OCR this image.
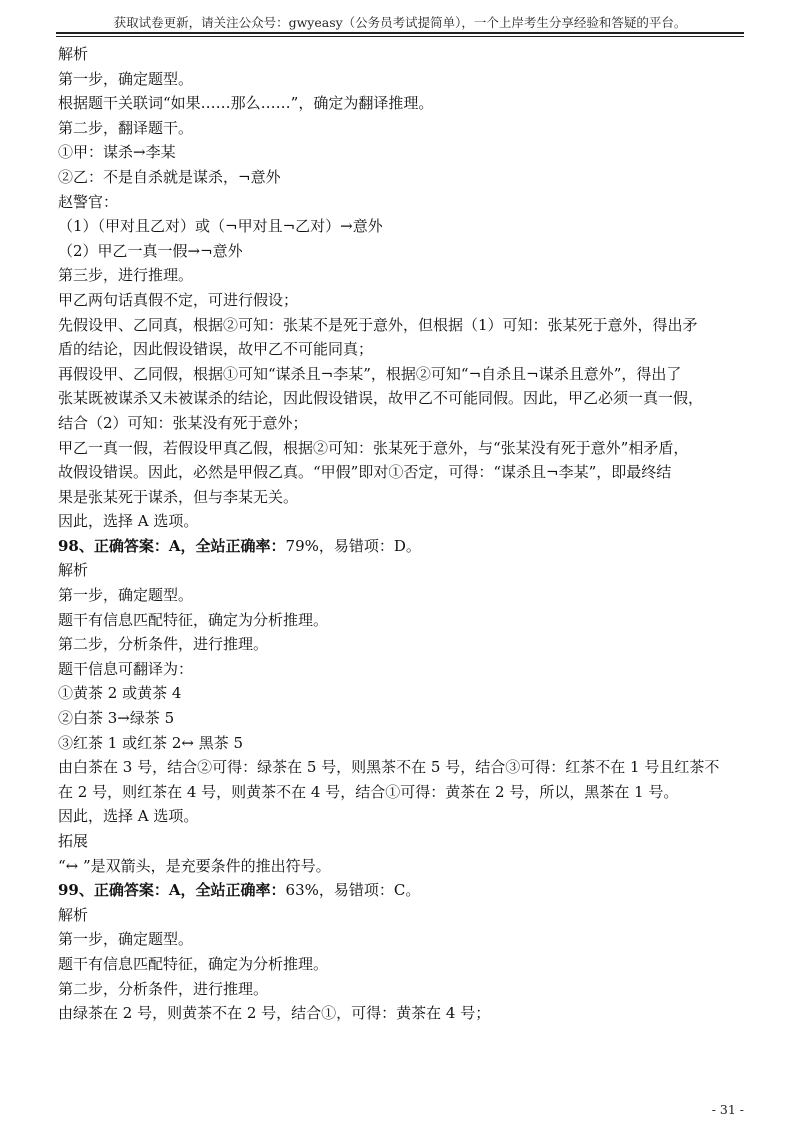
获取试卷更新，请关注公众号：gwyeasy（公务员考试提简单），一个上岸考生分享经验和答疑的平台。
解析
第一步，确定题型。
根据题干关联词“如果……那么……”，确定为翻译推理。
第二步，翻译题干。
①甲：谋杀→李某
②乙：不是自杀就是谋杀，¬意外
赵警官：
（1）（甲对且乙对）或（¬甲对且¬乙对）→意外
（2）甲乙一真一假→¬意外
第三步，进行推理。
甲乙两句话真假不定，可进行假设；
先假设甲、乙同真，根据②可知：张某不是死于意外，但根据（1）可知：张某死于意外，得出矛
盾的结论，因此假设错误，故甲乙不可能同真；
再假设甲、乙同假，根据①可知“谋杀且¬李某”，根据②可知“¬自杀且¬谋杀且意外”，得出了
张某既被谋杀又未被谋杀的结论，因此假设错误，故甲乙不可能同假。因此，甲乙必须一真一假，
结合（2）可知：张某没有死于意外；
甲乙一真一假，若假设甲真乙假，根据②可知：张某死于意外，与“张某没有死于意外”相矛盾，
故假设错误。因此，必然是甲假乙真。“甲假”即对①否定，可得：“谋杀且¬李某”，即最终结
果是张某死于谋杀，但与李某无关。
因此，选择 A 选项。
98、正确答案：A，全站正确率：79%，易错项：D。
解析
第一步，确定题型。
题干有信息匹配特征，确定为分析推理。
第二步，分析条件，进行推理。
题干信息可翻译为：
①黄茶 2 或黄茶 4
②白茶 3→绿茶 5
③红茶 1 或红茶 2↔ 黑茶 5
由白茶在 3 号，结合②可得：绿茶在 5 号，则黑茶不在 5 号，结合③可得：红茶不在 1 号且红茶不
在 2 号，则红茶在 4 号，则黄茶不在 4 号，结合①可得：黄茶在 2 号，所以，黑茶在 1 号。
因此，选择 A 选项。
拓展
“↔ ”是双箭头，是充要条件的推出符号。
99、正确答案：A，全站正确率：63%，易错项：C。
解析
第一步，确定题型。
题干有信息匹配特征，确定为分析推理。
第二步，分析条件，进行推理。
由绿茶在 2 号，则黄茶不在 2 号，结合①，可得：黄茶在 4 号；
- 31 -
